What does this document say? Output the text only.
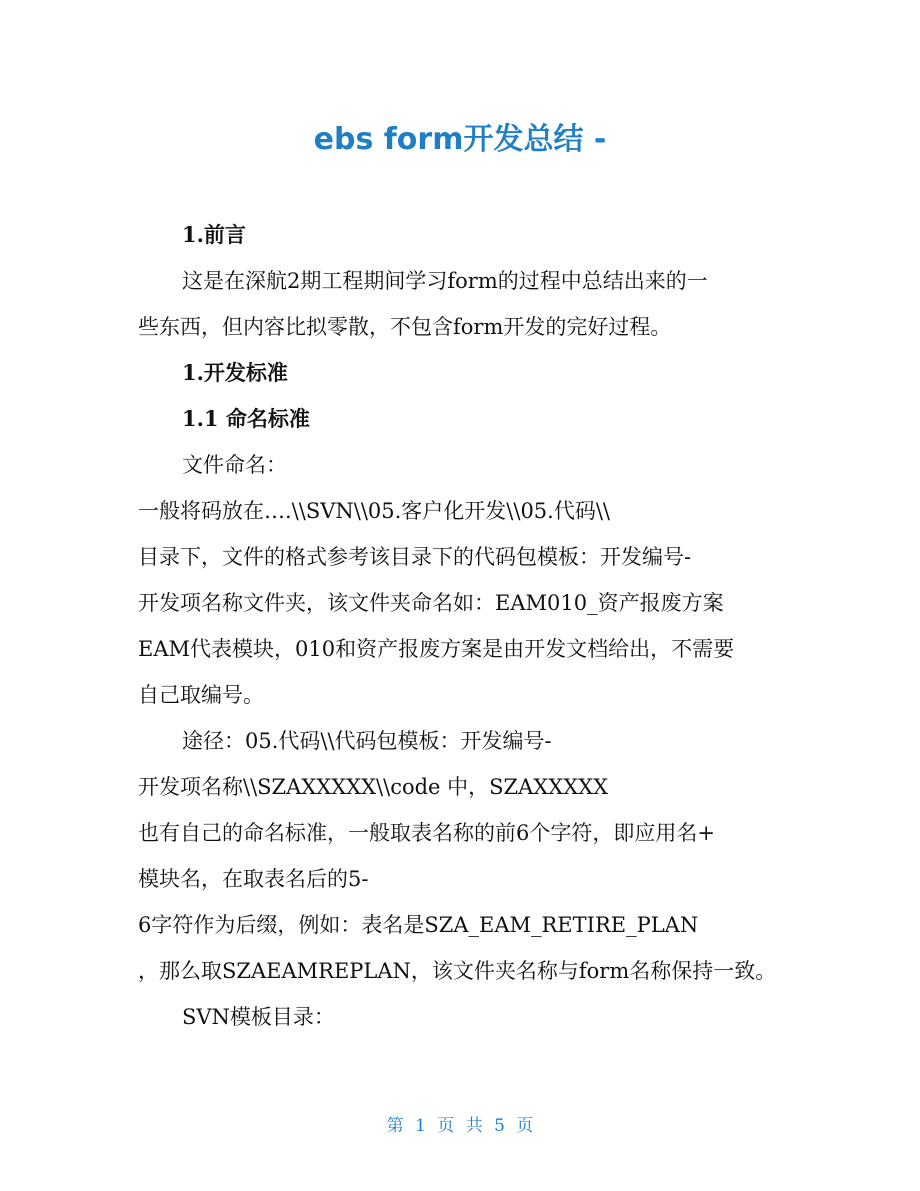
ebs form开发总结 -

1.前言

这是在深航2期工程期间学习form的过程中总结出来的一

些东西，但内容比拟零散，不包含form开发的完好过程。

1.开发标准

1.1 命名标准

文件命名：

一般将码放在….\\SVN\\05.客户化开发\\05.代码\\

目录下，文件的格式参考该目录下的代码包模板：开发编号-

开发项名称文件夹，该文件夹命名如：EAM010_资产报废方案

EAM代表模块，010和资产报废方案是由开发文档给出，不需要

自己取编号。

途径：05.代码\\代码包模板：开发编号-

开发项名称\\SZAXXXXX\\code 中，SZAXXXXX

也有自己的命名标准，一般取表名称的前6个字符，即应用名+

模块名，在取表名后的5-

6字符作为后缀，例如：表名是SZA_EAM_RETIRE_PLAN

，那么取SZAEAMREPLAN，该文件夹名称与form名称保持一致。

SVN模板目录：

第 1 页 共 5 页
